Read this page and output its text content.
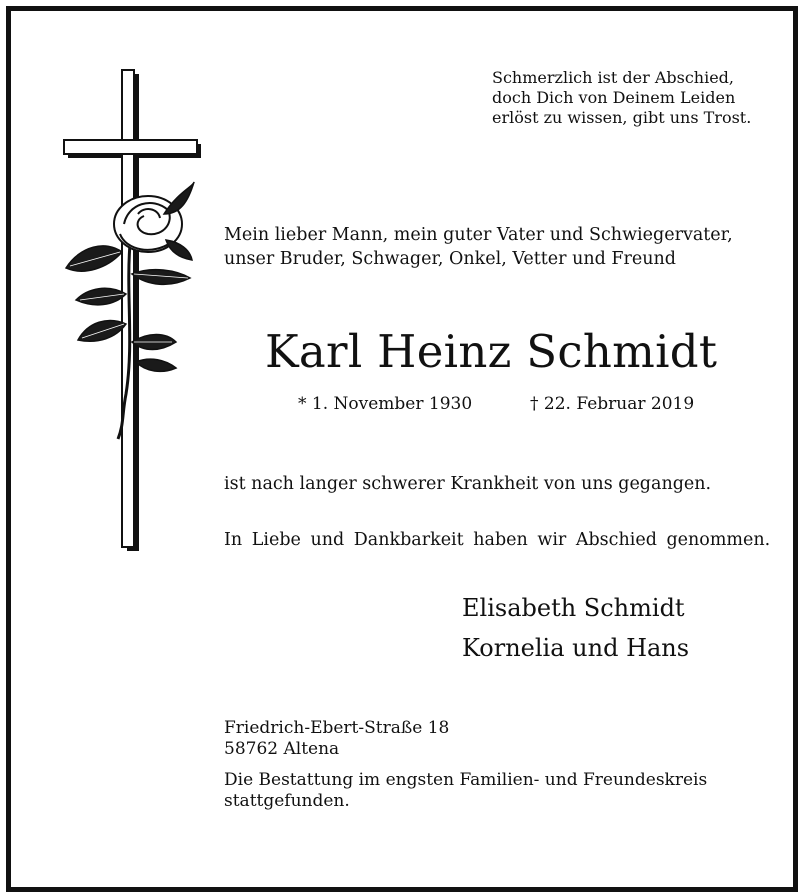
Schmerzlich ist der Abschied,
doch Dich von Deinem Leiden
erlöst zu wissen, gibt uns Trost.
Mein lieber Mann, mein guter Vater und Schwiegervater,
unser Bruder, Schwager, Onkel, Vetter und Freund
Karl Heinz Schmidt
* 1. November 1930	† 22. Februar 2019
ist nach langer schwerer Krankheit von uns gegangen.
In Liebe und Dankbarkeit haben wir Abschied genommen.
Elisabeth Schmidt
Kornelia und Hans
Friedrich-Ebert-Straße 18
58762 Altena
Die Bestattung im engsten Familien- und Freundeskreis
stattgefunden.
